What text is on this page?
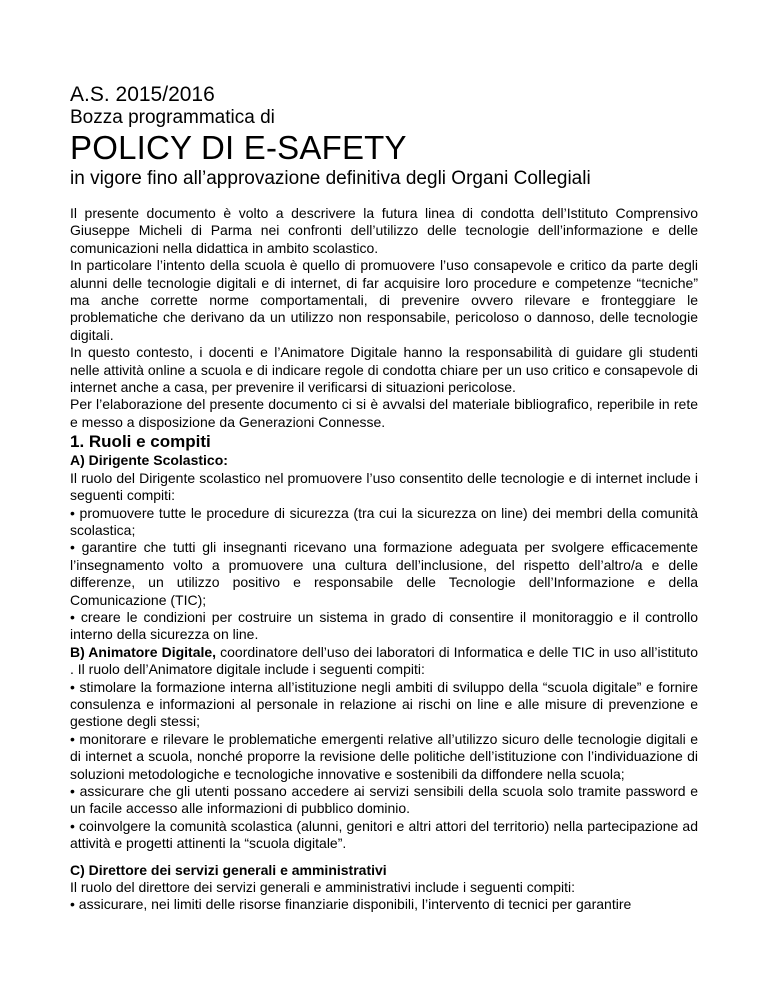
A.S. 2015/2016
Bozza programmatica di
POLICY DI E-SAFETY
in vigore fino all’approvazione definitiva degli Organi Collegiali

Il presente documento è volto a descrivere la futura linea di condotta dell’Istituto Comprensivo Giuseppe Micheli di Parma nei confronti dell’utilizzo delle tecnologie dell’informazione e delle comunicazioni nella didattica in ambito scolastico.

In particolare l’intento della scuola è quello di promuovere l’uso consapevole e critico da parte degli alunni delle tecnologie digitali e di internet, di far acquisire loro procedure e competenze “tecniche” ma anche corrette norme comportamentali, di prevenire ovvero rilevare e fronteggiare le problematiche che derivano da un utilizzo non responsabile, pericoloso o dannoso, delle tecnologie digitali.

In questo contesto, i docenti e l’Animatore Digitale hanno la responsabilità di guidare gli studenti nelle attività online a scuola e di indicare regole di condotta chiare per un uso critico e consapevole di internet anche a casa, per prevenire il verificarsi di situazioni pericolose.

Per l’elaborazione del presente documento ci si è avvalsi del materiale bibliografico, reperibile in rete e messo a disposizione da Generazioni Connesse.

1. Ruoli e compiti
A) Dirigente Scolastico:

Il ruolo del Dirigente scolastico nel promuovere l’uso consentito delle tecnologie e di internet include i seguenti compiti:

• promuovere tutte le procedure di sicurezza (tra cui la sicurezza on line) dei membri della comunità scolastica;

• garantire che tutti gli insegnanti ricevano una formazione adeguata per svolgere efficacemente l’insegnamento volto a promuovere una cultura dell’inclusione, del rispetto dell’altro/a e delle differenze, un utilizzo positivo e responsabile delle Tecnologie dell’Informazione e della Comunicazione (TIC);

• creare le condizioni per costruire un sistema in grado di consentire il monitoraggio e il controllo interno della sicurezza on line.

B) Animatore Digitale, coordinatore dell’uso dei laboratori di Informatica e delle TIC in uso all’istituto . Il ruolo dell’Animatore digitale include i seguenti compiti:

• stimolare la formazione interna all’istituzione negli ambiti di sviluppo della “scuola digitale” e fornire consulenza e informazioni al personale in relazione ai rischi on line e alle misure di prevenzione e gestione degli stessi;

• monitorare e rilevare le problematiche emergenti relative all’utilizzo sicuro delle tecnologie digitali e di internet a scuola, nonché proporre la revisione delle politiche dell’istituzione con l’individuazione di soluzioni metodologiche e tecnologiche innovative e sostenibili da diffondere nella scuola;

• assicurare che gli utenti possano accedere ai servizi sensibili della scuola solo tramite password e un facile accesso alle informazioni di pubblico dominio.

• coinvolgere la comunità scolastica (alunni, genitori e altri attori del territorio) nella partecipazione ad attività e progetti attinenti la “scuola digitale”.

C) Direttore dei servizi generali e amministrativi

Il ruolo del direttore dei servizi generali e amministrativi include i seguenti compiti:

• assicurare, nei limiti delle risorse finanziarie disponibili, l’intervento di tecnici per garantire
